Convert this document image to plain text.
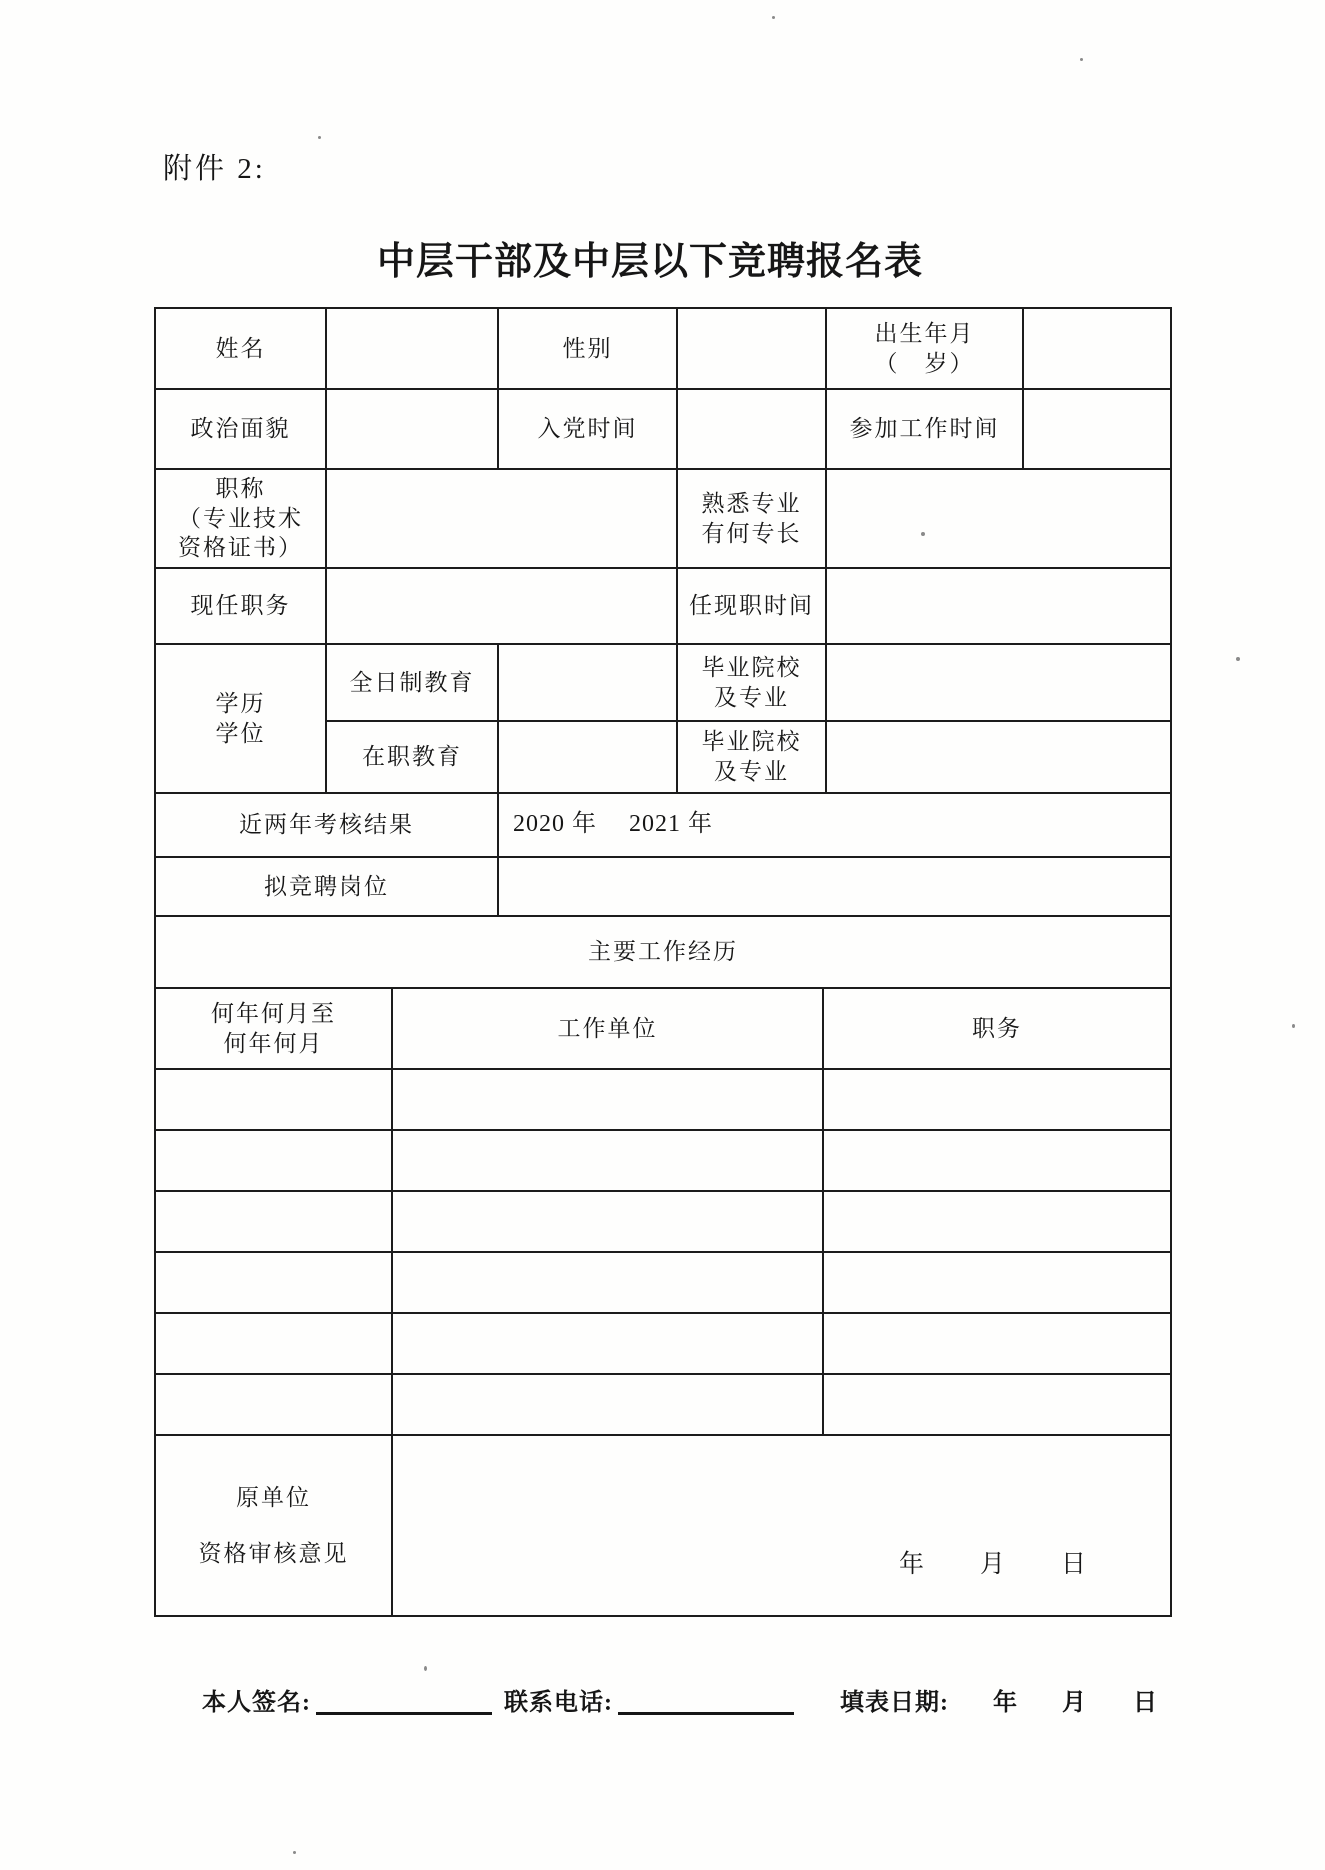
附件 2:
中层干部及中层以下竞聘报名表
姓名		性别		出生年月
（　岁）	

政治面貌		入党时间		参加工作时间	
职称
（专业技术
资格证书）		熟悉专业
有何专长	

现任职务		任现职时间	
学历
学位	全日制教育		毕业院校
及专业	

	在职教育		毕业院校
及专业	

近两年考核结果	2020 年　 2021 年
拟竞聘岗位	
主要工作经历
何年何月至
何年何月	工作单位	职务

原单位
资格审核意见	年 月 日
本人签名:	联系电话:	填表日期: 年 月 日
